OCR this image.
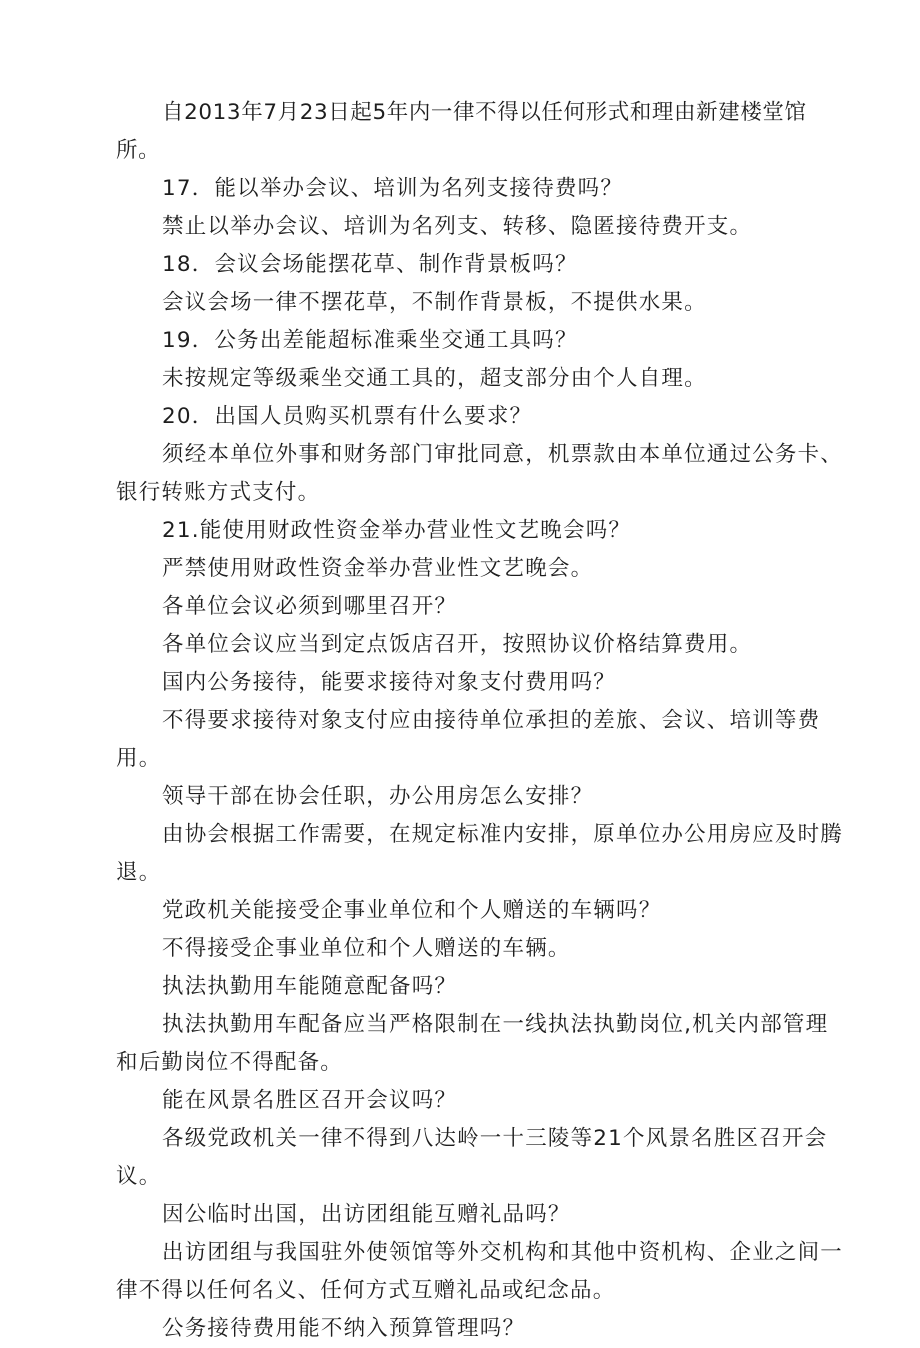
自2013年7月23日起5年内一律不得以任何形式和理由新建楼堂馆所。

17．能以举办会议、培训为名列支接待费吗？

禁止以举办会议、培训为名列支、转移、隐匿接待费开支。

18．会议会场能摆花草、制作背景板吗？

会议会场一律不摆花草，不制作背景板，不提供水果。

19．公务出差能超标准乘坐交通工具吗？

未按规定等级乘坐交通工具的，超支部分由个人自理。

20．出国人员购买机票有什么要求？

须经本单位外事和财务部门审批同意，机票款由本单位通过公务卡、银行转账方式支付。

21.能使用财政性资金举办营业性文艺晚会吗？

严禁使用财政性资金举办营业性文艺晚会。

各单位会议必须到哪里召开？

各单位会议应当到定点饭店召开，按照协议价格结算费用。

国内公务接待，能要求接待对象支付费用吗？

不得要求接待对象支付应由接待单位承担的差旅、会议、培训等费用。

领导干部在协会任职，办公用房怎么安排？

由协会根据工作需要，在规定标准内安排，原单位办公用房应及时腾退。

党政机关能接受企事业单位和个人赠送的车辆吗？

不得接受企事业单位和个人赠送的车辆。

执法执勤用车能随意配备吗？

执法执勤用车配备应当严格限制在一线执法执勤岗位,机关内部管理和后勤岗位不得配备。

能在风景名胜区召开会议吗？

各级党政机关一律不得到八达岭一十三陵等21个风景名胜区召开会议。

因公临时出国，出访团组能互赠礼品吗？

出访团组与我国驻外使领馆等外交机构和其他中资机构、企业之间一律不得以任何名义、任何方式互赠礼品或纪念品。

公务接待费用能不纳入预算管理吗？
